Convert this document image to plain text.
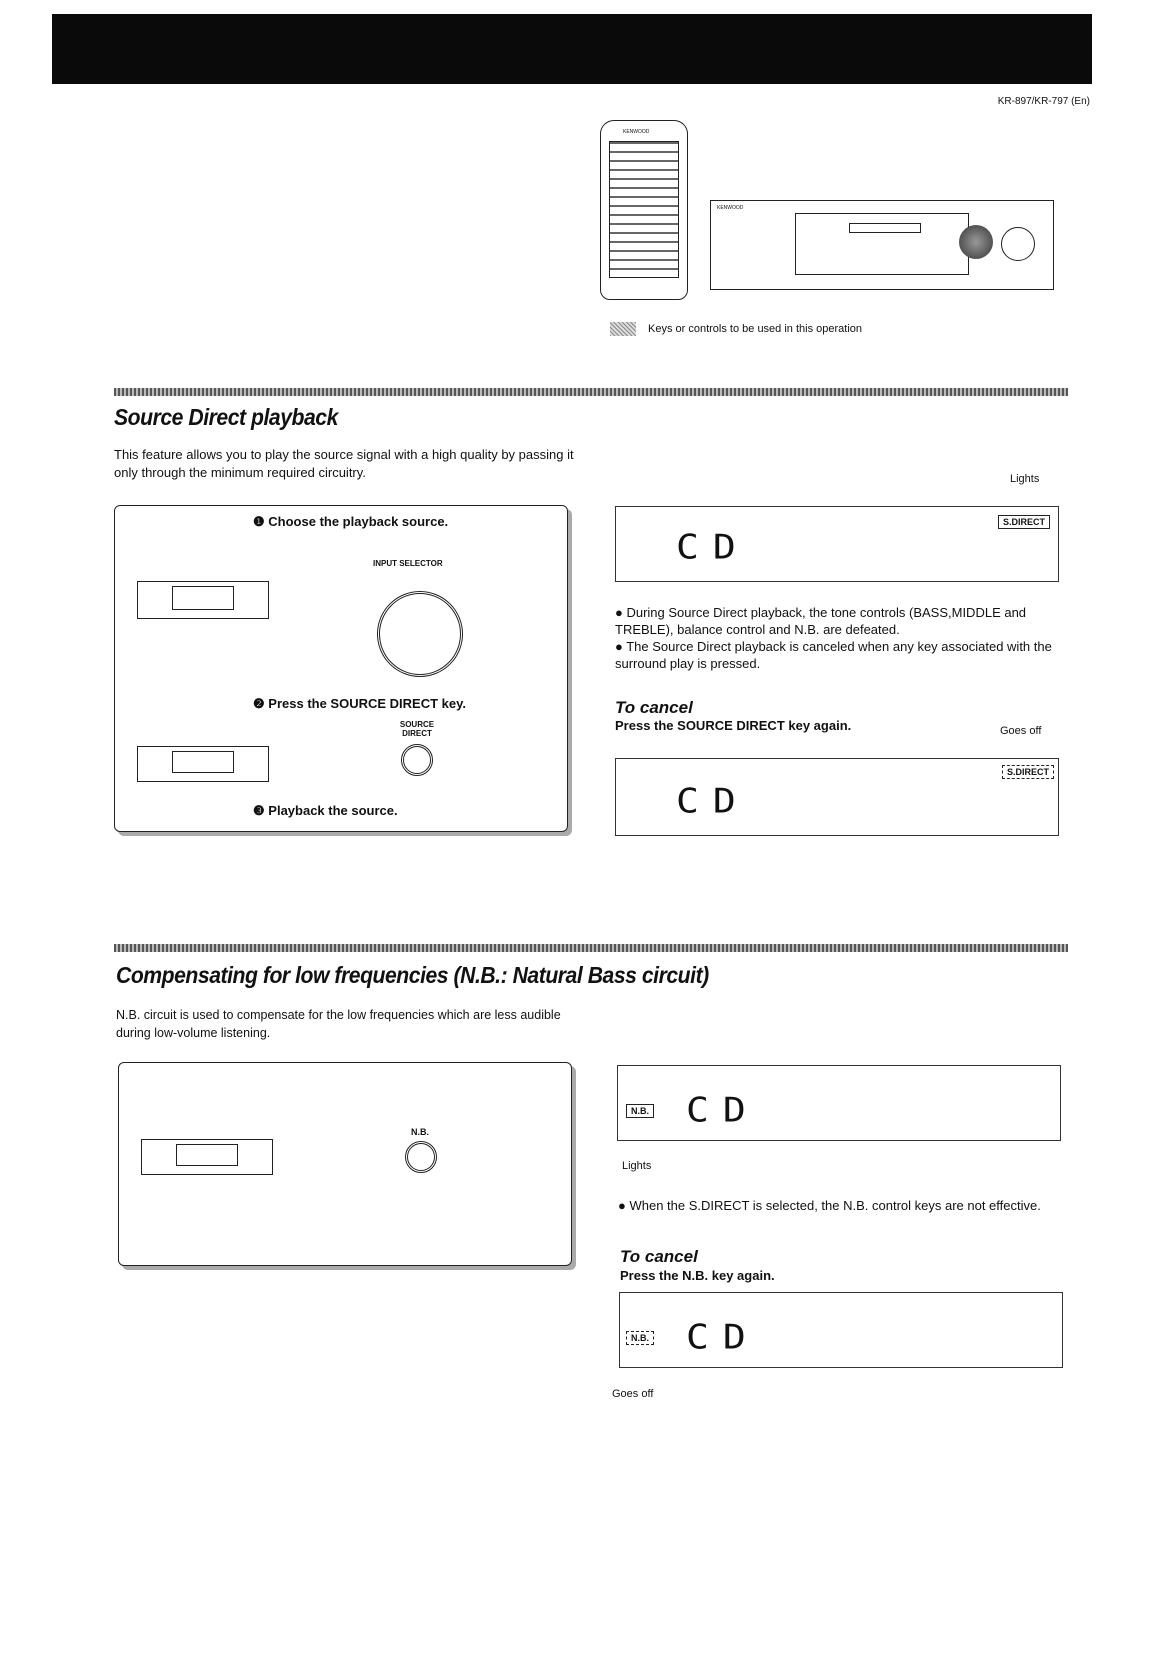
KR-897/KR-797 (En)
KENWOOD
KENWOOD
Keys or controls to be used in this operation
Source Direct playback
This feature allows you to play the source signal with a high quality by passing it only through the minimum required circuitry.
❶ Choose the playback source.
INPUT SELECTOR
❷ Press the SOURCE DIRECT key.
SOURCE DIRECT
❸ Playback the source.
Lights
CD
S.DIRECT
● During Source Direct playback, the tone controls (BASS,MIDDLE and TREBLE), balance control and N.B. are defeated.
● The Source Direct playback is canceled when any key associated with the surround play is pressed.
To cancel
Press the SOURCE DIRECT key again.	Goes off
CD
S.DIRECT
Compensating for low frequencies (N.B.: Natural Bass circuit)
N.B. circuit is used to compensate for the low frequencies which are less audible during low-volume listening.
N.B.
N.B. CD
Lights
● When the S.DIRECT is selected, the N.B. control keys are not effective.
To cancel
Press the N.B. key again.
N.B. CD
Goes off
